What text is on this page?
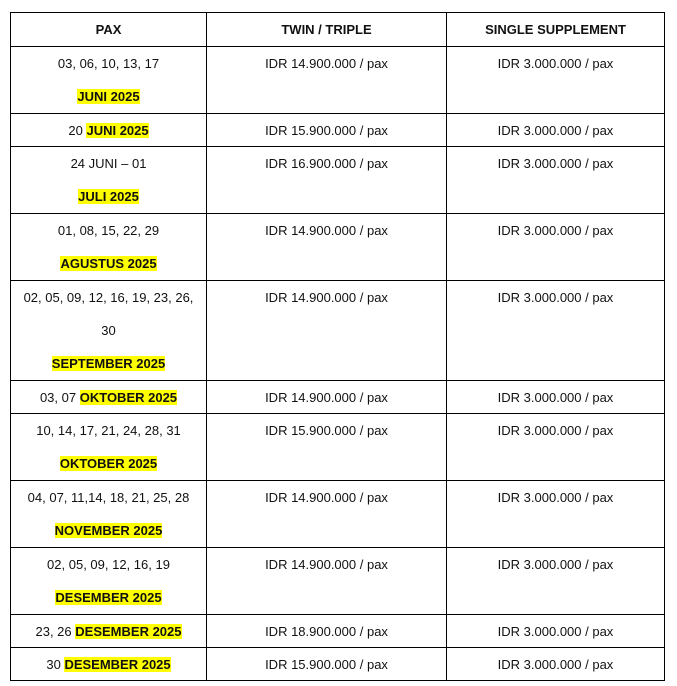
PAX	TWIN / TRIPLE	SINGLE SUPPLEMENT

03, 06, 10, 13, 17
JUNI 2025	IDR 14.900.000 / pax	IDR 3.000.000 / pax
20 JUNI 2025	IDR 15.900.000 / pax	IDR 3.000.000 / pax

24 JUNI – 01
JULI 2025	IDR 16.900.000 / pax	IDR 3.000.000 / pax

01, 08, 15, 22, 29
AGUSTUS 2025	IDR 14.900.000 / pax	IDR 3.000.000 / pax

02, 05, 09, 12, 16, 19, 23, 26,
30
SEPTEMBER 2025	IDR 14.900.000 / pax	IDR 3.000.000 / pax
03, 07 OKTOBER 2025	IDR 14.900.000 / pax	IDR 3.000.000 / pax

10, 14, 17, 21, 24, 28, 31
OKTOBER 2025	IDR 15.900.000 / pax	IDR 3.000.000 / pax

04, 07, 11,14, 18, 21, 25, 28
NOVEMBER 2025	IDR 14.900.000 / pax	IDR 3.000.000 / pax

02, 05, 09, 12, 16, 19
DESEMBER 2025	IDR 14.900.000 / pax	IDR 3.000.000 / pax
23, 26 DESEMBER 2025	IDR 18.900.000 / pax	IDR 3.000.000 / pax
30 DESEMBER 2025	IDR 15.900.000 / pax	IDR 3.000.000 / pax
